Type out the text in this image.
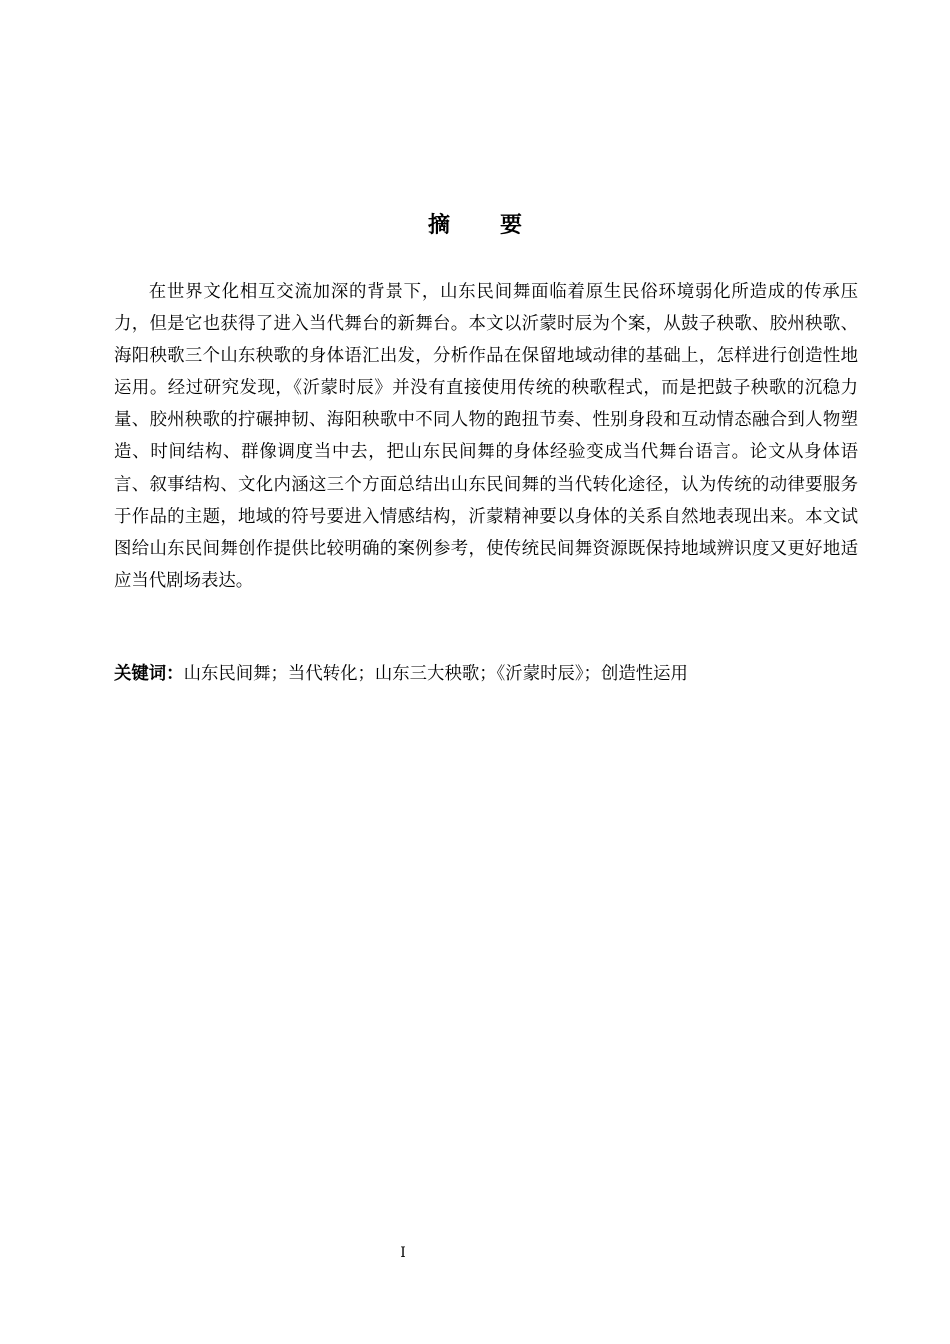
摘要

在世界文化相互交流加深的背景下，山东民间舞面临着原生民俗环境弱化所造成的传承压力，但是它也获得了进入当代舞台的新舞台。本文以沂蒙时辰为个案，从鼓子秧歌、胶州秧歌、海阳秧歌三个山东秧歌的身体语汇出发，分析作品在保留地域动律的基础上，怎样进行创造性地运用。经过研究发现，《沂蒙时辰》并没有直接使用传统的秧歌程式，而是把鼓子秧歌的沉稳力量、胶州秧歌的拧碾抻韧、海阳秧歌中不同人物的跑扭节奏、性别身段和互动情态融合到人物塑造、时间结构、群像调度当中去，把山东民间舞的身体经验变成当代舞台语言。论文从身体语言、叙事结构、文化内涵这三个方面总结出山东民间舞的当代转化途径，认为传统的动律要服务于作品的主题，地域的符号要进入情感结构，沂蒙精神要以身体的关系自然地表现出来。本文试图给山东民间舞创作提供比较明确的案例参考，使传统民间舞资源既保持地域辨识度又更好地适应当代剧场表达。

关键词：山东民间舞；当代转化；山东三大秧歌；《沂蒙时辰》；创造性运用

I
